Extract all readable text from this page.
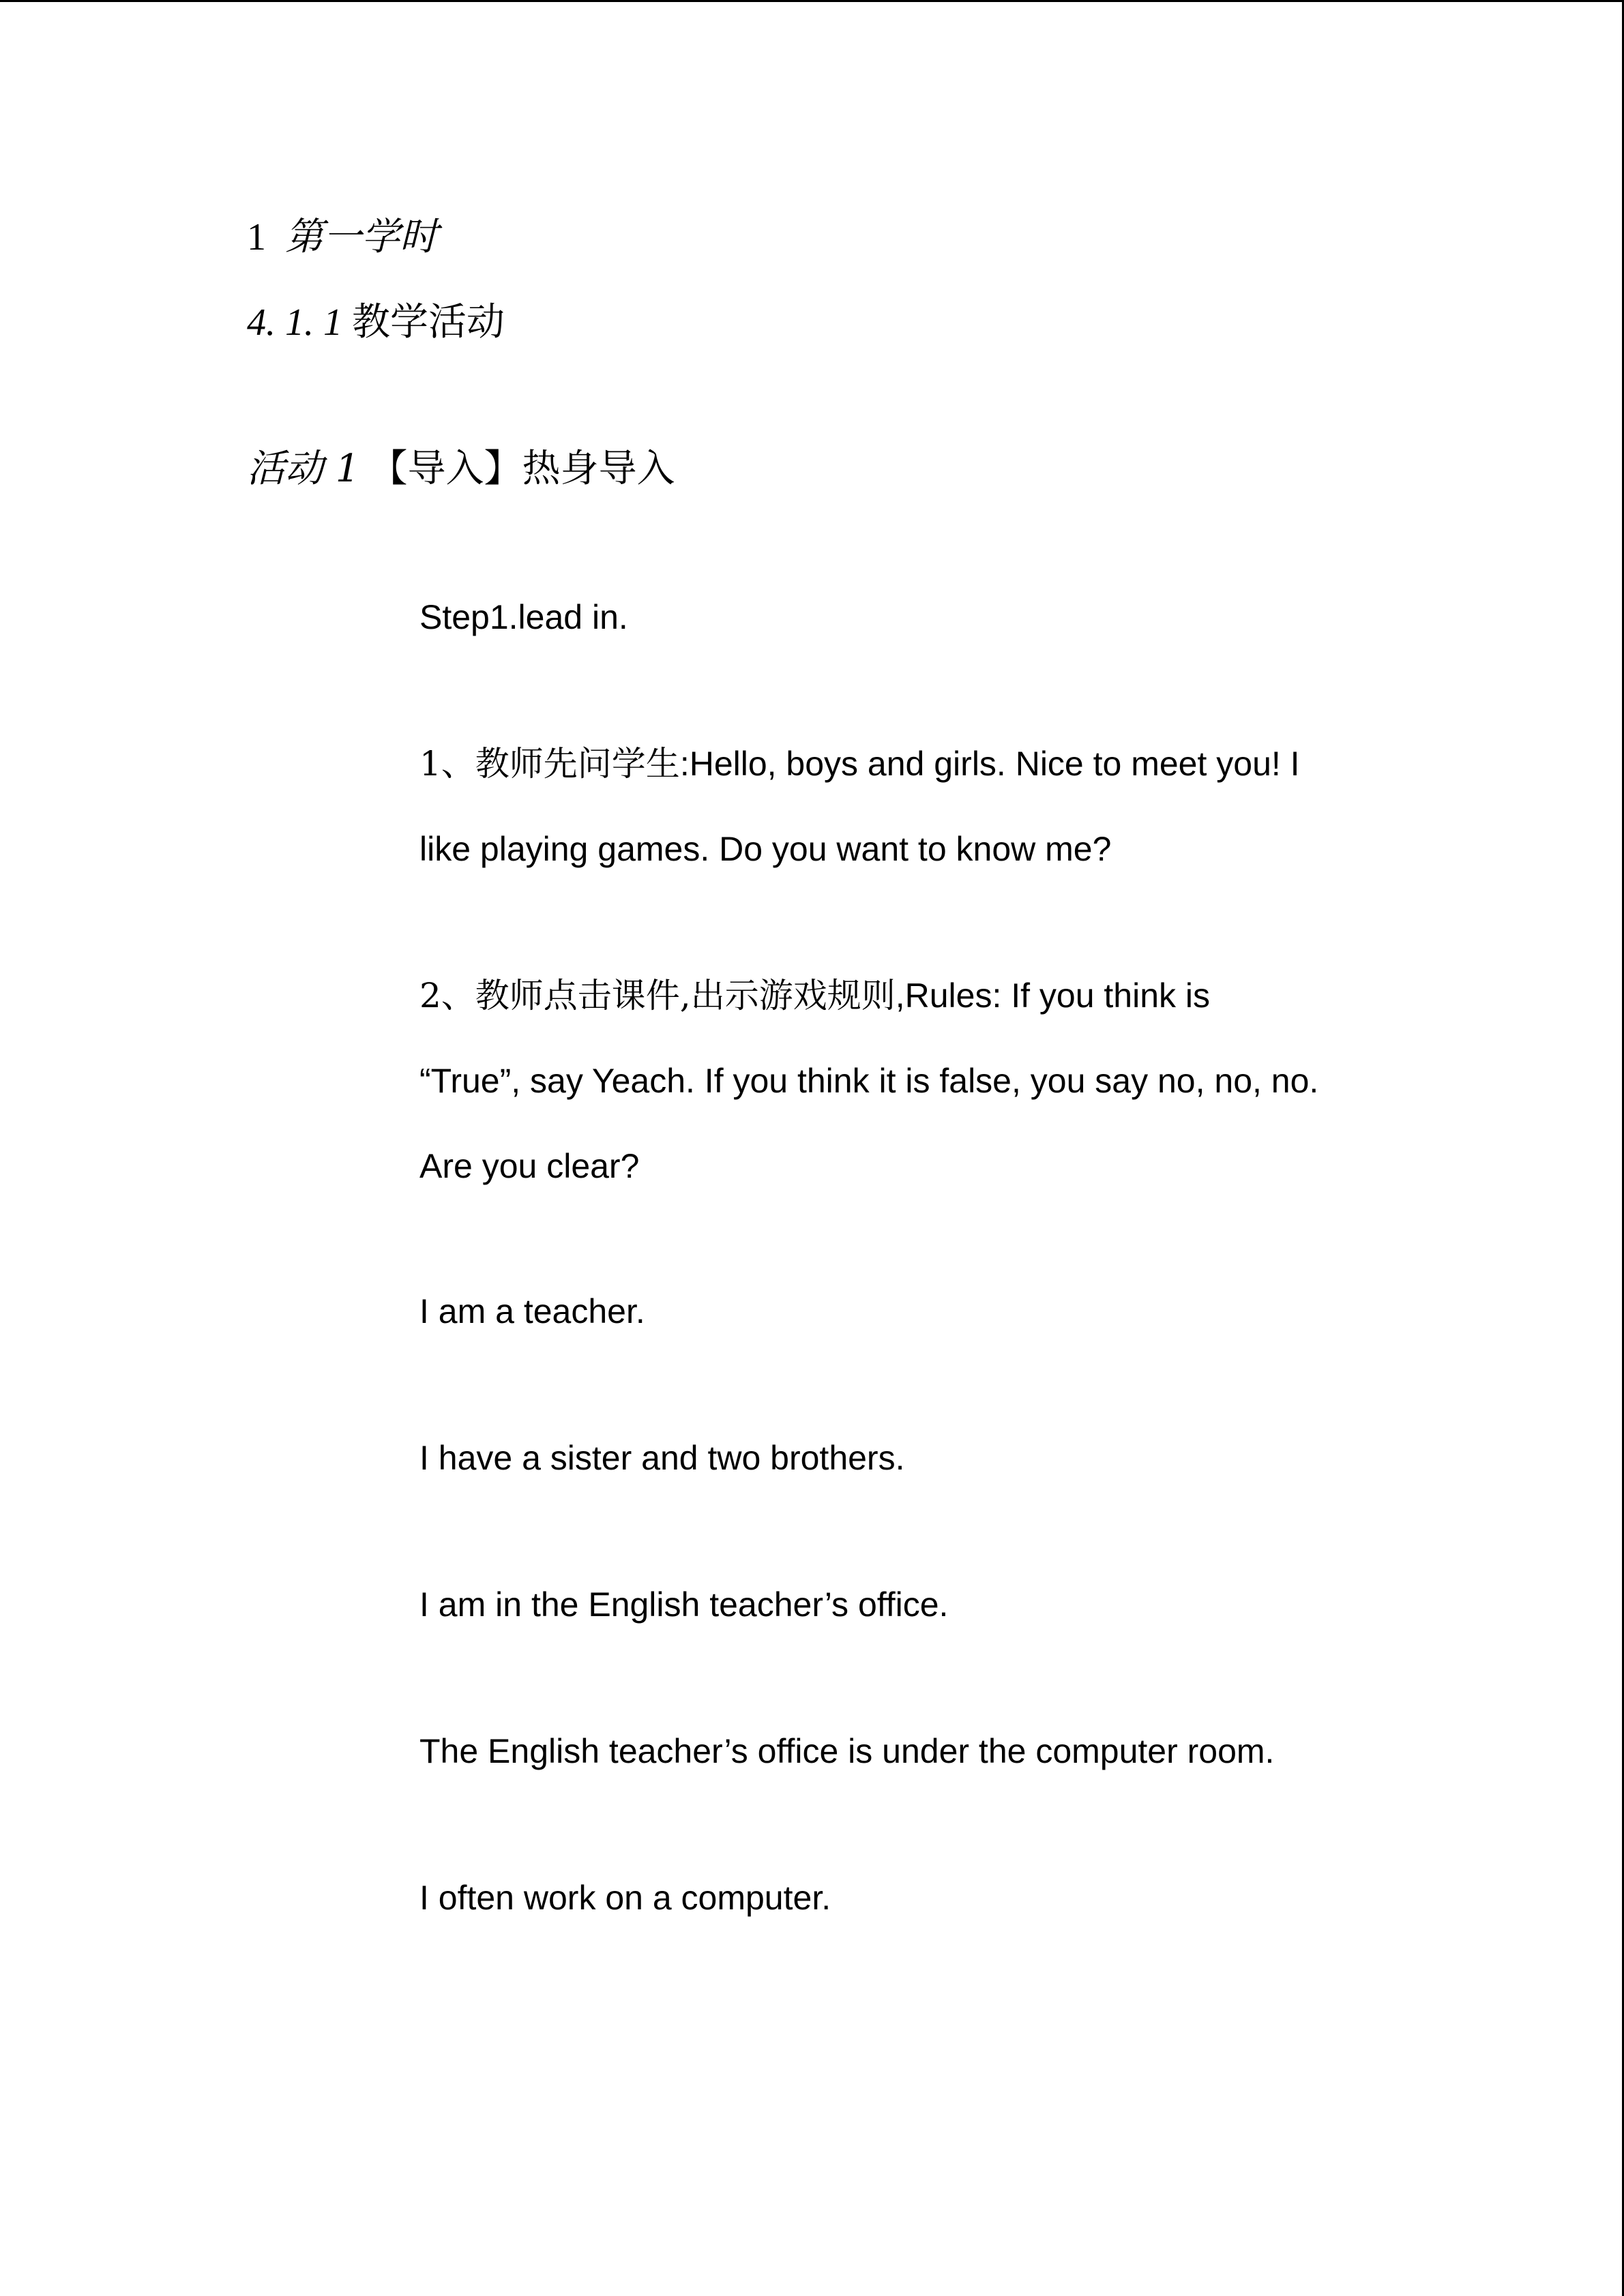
1 第一学时
4. 1. 1 教学活动
活动 1 【导入】热身导入
Step1.lead in.
1、教师先问学生:Hello, boys and girls. Nice to meet you! I
like playing games. Do you want to know me?
2、教师点击课件,出示游戏规则,Rules: If you think is
“True”, say Yeach. If you think it is false, you say no, no, no.
Are you clear?
I am a teacher.
I have a sister and two brothers.
I am in the English teacher’s office.
The English teacher’s office is under the computer room.
I often work on a computer.
